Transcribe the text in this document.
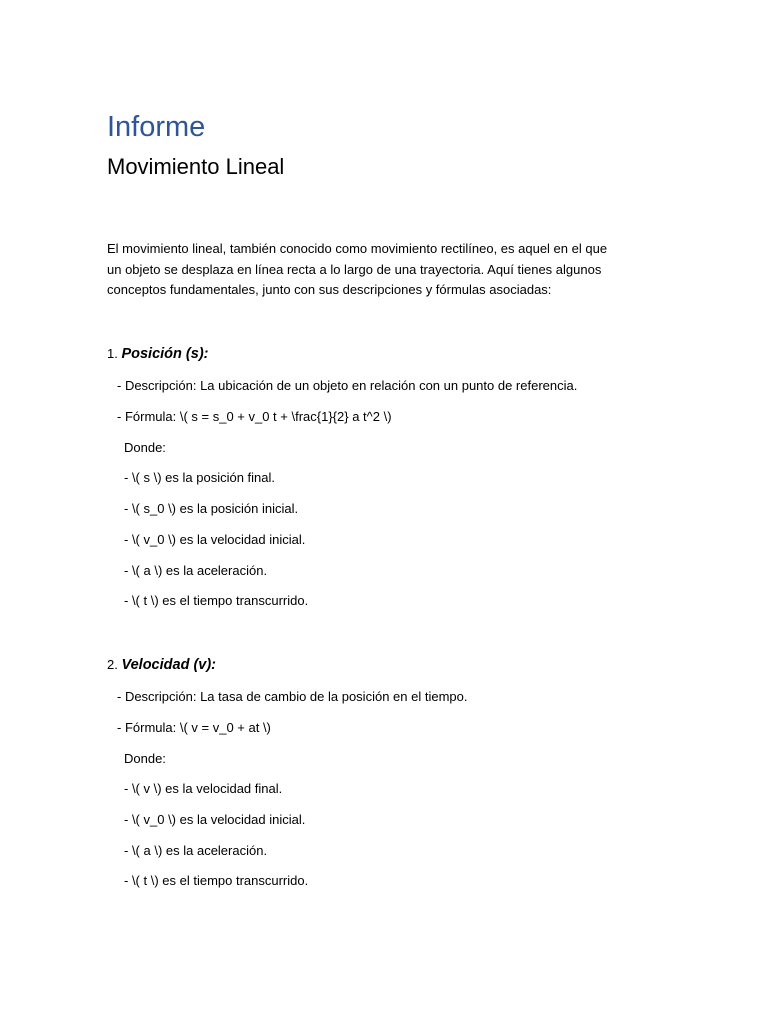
Informe
Movimiento Lineal
El movimiento lineal, también conocido como movimiento rectilíneo, es aquel en el que
un objeto se desplaza en línea recta a lo largo de una trayectoria. Aquí tienes algunos
conceptos fundamentales, junto con sus descripciones y fórmulas asociadas:
1. Posición (s):
- Descripción: La ubicación de un objeto en relación con un punto de referencia.
- Fórmula: \( s = s_0 + v_0 t + \frac{1}{2} a t^2 \)
Donde:
- \( s \) es la posición final.
- \( s_0 \) es la posición inicial.
- \( v_0 \) es la velocidad inicial.
- \( a \) es la aceleración.
- \( t \) es el tiempo transcurrido.
2. Velocidad (v):
- Descripción: La tasa de cambio de la posición en el tiempo.
- Fórmula: \( v = v_0 + at \)
Donde:
- \( v \) es la velocidad final.
- \( v_0 \) es la velocidad inicial.
- \( a \) es la aceleración.
- \( t \) es el tiempo transcurrido.
